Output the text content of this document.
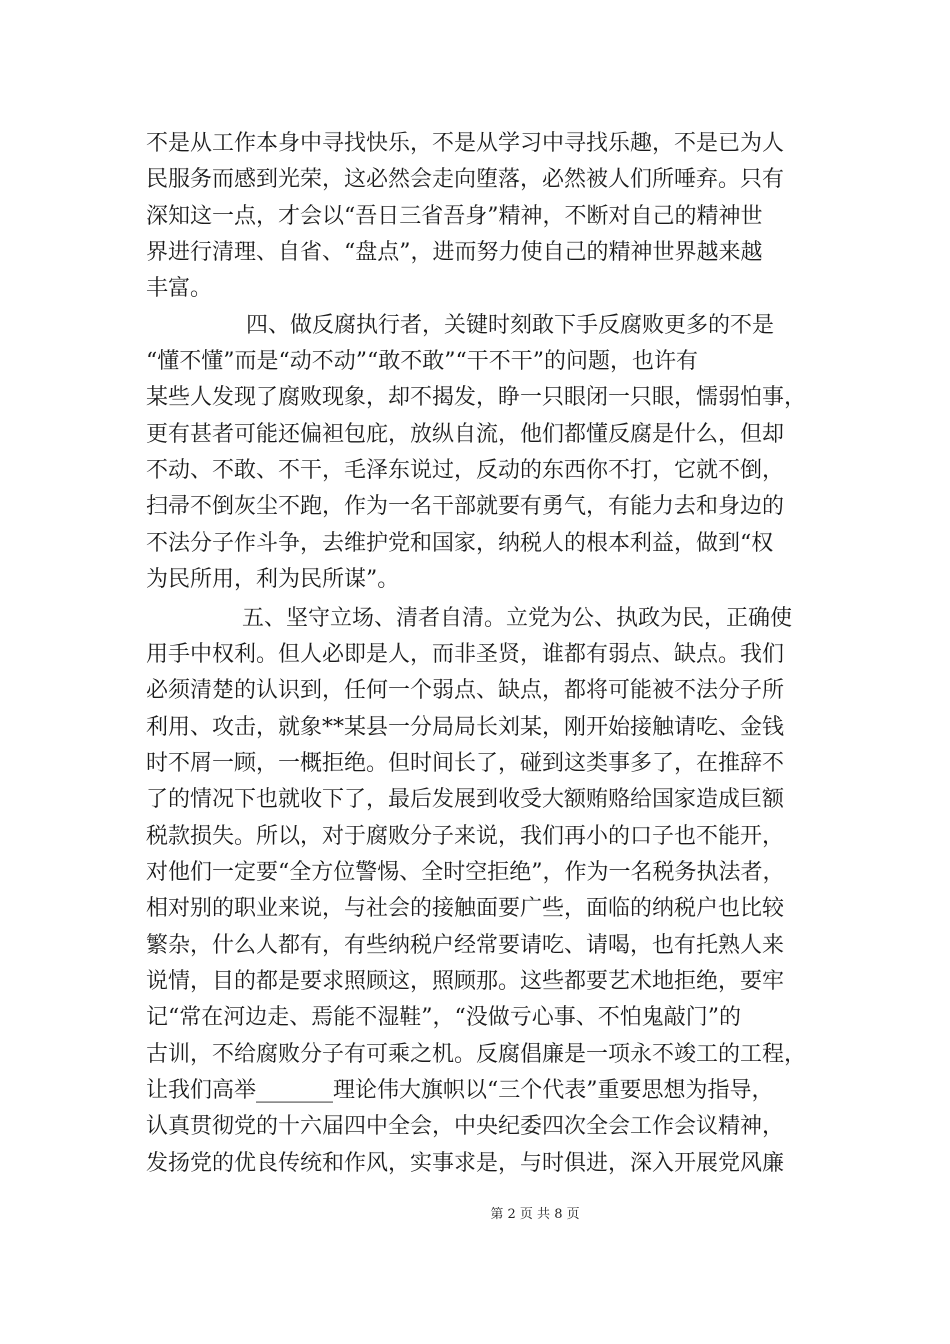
不是从工作本身中寻找快乐，不是从学习中寻找乐趣，不是已为人
民服务而感到光荣，这必然会走向堕落，必然被人们所唾弃。只有
深知这一点，才会以“吾日三省吾身”精神，不断对自己的精神世
界进行清理、自省、“盘点”，进而努力使自己的精神世界越来越
丰富。
四、做反腐执行者，关键时刻敢下手反腐败更多的不是
“懂不懂”而是“动不动”“敢不敢”“干不干”的问题，也许有
某些人发现了腐败现象，却不揭发，睁一只眼闭一只眼，懦弱怕事，
更有甚者可能还偏袒包庇，放纵自流，他们都懂反腐是什么，但却
不动、不敢、不干，毛泽东说过，反动的东西你不打，它就不倒，
扫帚不倒灰尘不跑，作为一名干部就要有勇气，有能力去和身边的
不法分子作斗争，去维护党和国家，纳税人的根本利益，做到“权
为民所用，利为民所谋”。
五、坚守立场、清者自清。立党为公、执政为民，正确使
用手中权利。但人必即是人，而非圣贤，谁都有弱点、缺点。我们
必须清楚的认识到，任何一个弱点、缺点，都将可能被不法分子所
利用、攻击，就象**某县一分局局长刘某，刚开始接触请吃、金钱
时不屑一顾，一概拒绝。但时间长了，碰到这类事多了，在推辞不
了的情况下也就收下了，最后发展到收受大额贿赂给国家造成巨额
税款损失。所以，对于腐败分子来说，我们再小的口子也不能开，
对他们一定要“全方位警惕、全时空拒绝”，作为一名税务执法者，
相对别的职业来说，与社会的接触面要广些，面临的纳税户也比较
繁杂，什么人都有，有些纳税户经常要请吃、请喝，也有托熟人来
说情，目的都是要求照顾这，照顾那。这些都要艺术地拒绝，要牢
记“常在河边走、焉能不湿鞋”，“没做亏心事、不怕鬼敲门”的
古训，不给腐败分子有可乘之机。反腐倡廉是一项永不竣工的工程，
让我们高举_______理论伟大旗帜以“三个代表”重要思想为指导，
认真贯彻党的十六届四中全会，中央纪委四次全会工作会议精神，
发扬党的优良传统和作风，实事求是，与时俱进，深入开展党风廉
第 2 页 共 8 页
